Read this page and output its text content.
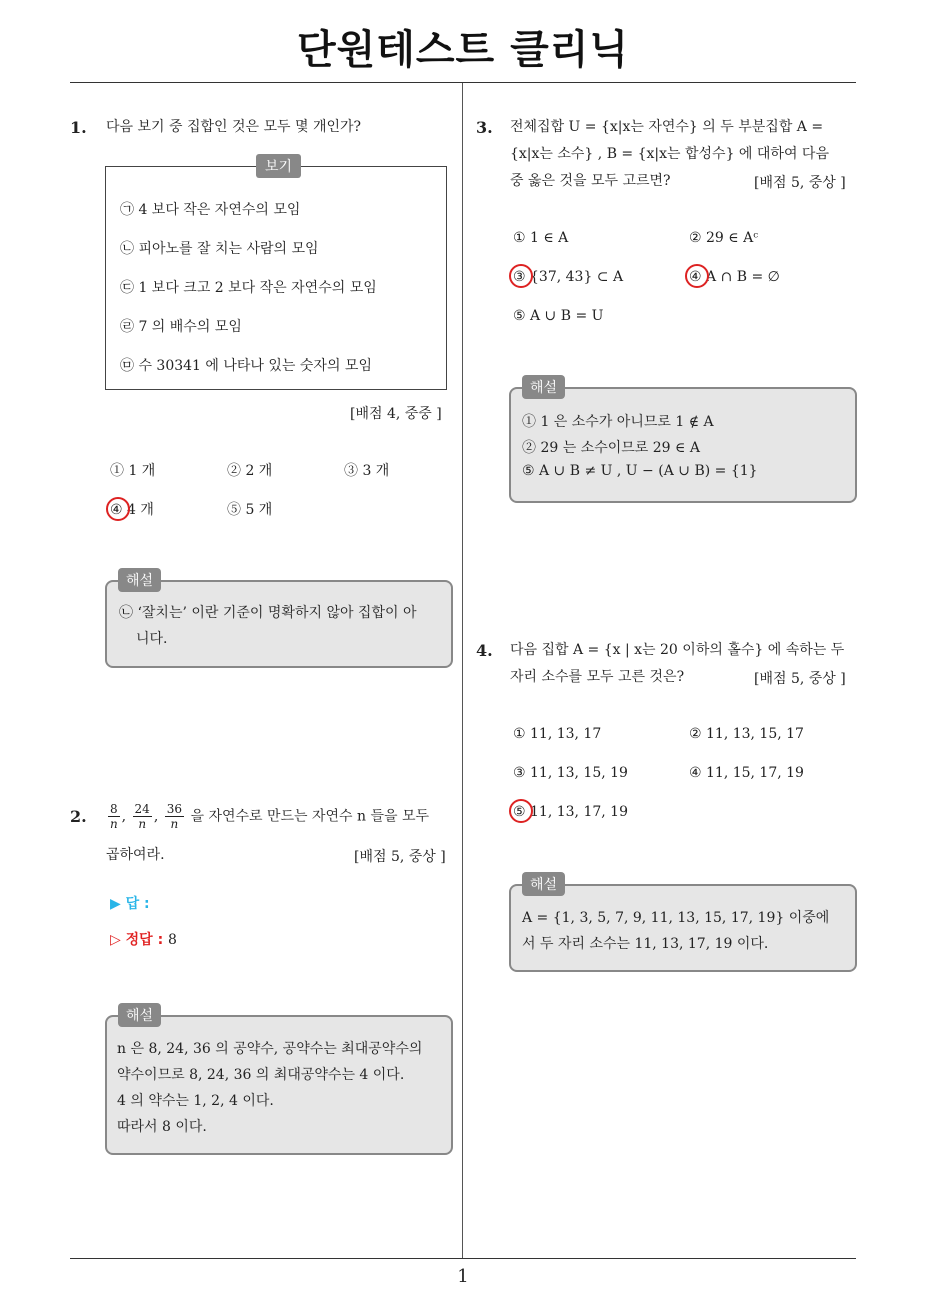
단원테스트 클리닉
1
1. 다음 보기 중 집합인 것은 모두 몇 개인가?
보기
㉠ 4 보다 작은 자연수의 모임
㉡ 피아노를 잘 치는 사람의 모임
㉢ 1 보다 크고 2 보다 작은 자연수의 모임
㉣ 7 의 배수의 모임
㉤ 수 30341 에 나타나 있는 숫자의 모임
[배점 4, 중중 ]
① 1 개	② 2 개	③ 3 개
④ 4 개	⑤ 5 개
해설
㉡ ‘잘치는’ 이란 기준이 명확하지 않아 집합이 아
니다.
2. $\frac{8}{n}$ , $\frac{24}{n}$ , $\frac{36}{n}$ 을 자연수로 만드는 자연수 n 들을 모두
곱하여라.	[배점 5, 중상 ]
▶ 답 :
▷ 정답 : 8
해설
n 은 8, 24, 36 의 공약수, 공약수는 최대공약수의
약수이므로 8, 24, 36 의 최대공약수는 4 이다.
4 의 약수는 1, 2, 4 이다.
따라서 8 이다.
3. 전체집합 U = {x|x는 자연수} 의 두 부분집합 A =
{x|x는 소수} , B = {x|x는 합성수} 에 대하여 다음
중 옳은 것을 모두 고르면?	[배점 5, 중상 ]
① 1 ∈ A	② 29 ∈ Aᶜ
③ {37, 43} ⊂ A	④ A ∩ B = ∅
⑤ A ∪ B = U
해설
① 1 은 소수가 아니므로 1 ∉ A
② 29 는 소수이므로 29 ∈ A
⑤ A ∪ B ≠ U , U − (A ∪ B) = {1}
4. 다음 집합 A = {x | x는 20 이하의 홀수} 에 속하는 두
자리 소수를 모두 고른 것은?	[배점 5, 중상 ]
① 11, 13, 17	② 11, 13, 15, 17
③ 11, 13, 15, 19	④ 11, 15, 17, 19
⑤ 11, 13, 17, 19
해설
A = {1, 3, 5, 7, 9, 11, 13, 15, 17, 19} 이중에
서 두 자리 소수는 11, 13, 17, 19 이다.
